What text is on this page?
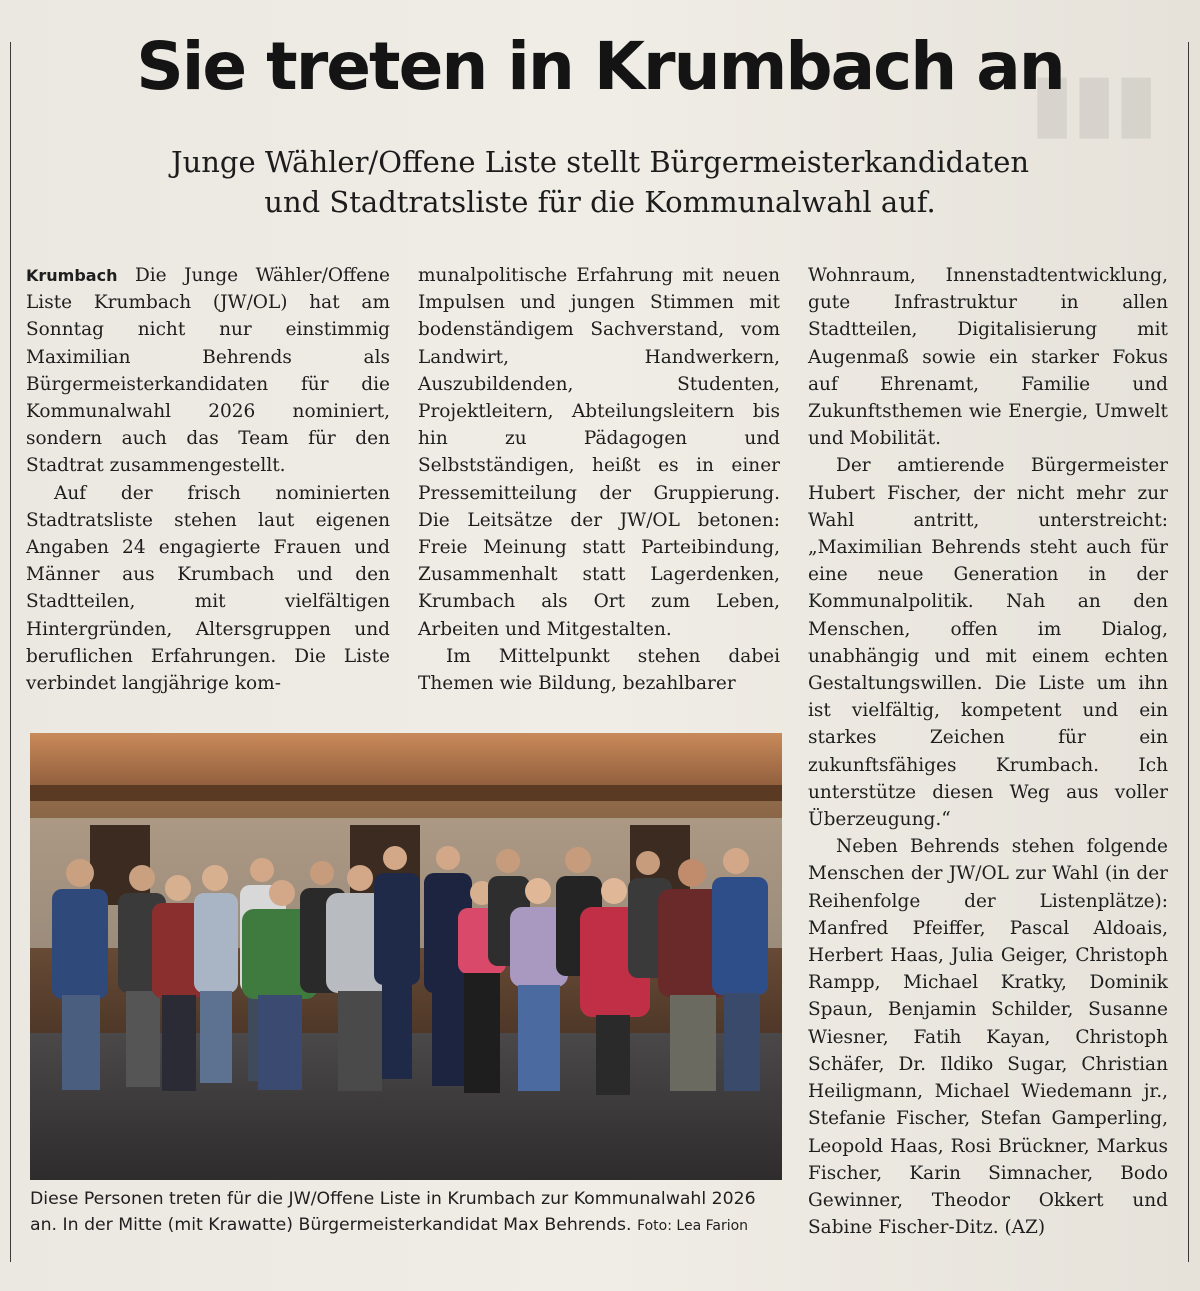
▮▮▮
Sie treten in Krumbach an
Junge Wähler/Offene Liste stellt Bürgermeisterkandidaten
und Stadtratsliste für die Kommunalwahl auf.

Krumbach Die Junge Wähler/Offene Liste Krumbach (JW/OL) hat am Sonntag nicht nur einstimmig Maximilian Behrends als Bürgermeisterkandidaten für die Kommunalwahl 2026 nominiert, sondern auch das Team für den Stadtrat zusammengestellt.

Auf der frisch nominierten Stadtratsliste stehen laut eigenen Angaben 24 engagierte Frauen und Männer aus Krumbach und den Stadtteilen, mit vielfältigen Hintergründen, Altersgruppen und beruflichen Erfahrungen. Die Liste verbindet langjährige kom-

munalpolitische Erfahrung mit neuen Impulsen und jungen Stimmen mit bodenständigem Sachverstand, vom Landwirt, Handwerkern, Auszubildenden, Studenten, Projektleitern, Abteilungsleitern bis hin zu Pädagogen und Selbstständigen, heißt es in einer Pressemitteilung der Gruppierung. Die Leitsätze der JW/OL betonen: Freie Meinung statt Parteibindung, Zusammenhalt statt Lagerdenken, Krumbach als Ort zum Leben, Arbeiten und Mitgestalten.

Im Mittelpunkt stehen dabei Themen wie Bildung, bezahlbarer

Wohnraum, Innenstadtentwicklung, gute Infrastruktur in allen Stadtteilen, Digitalisierung mit Augenmaß sowie ein starker Fokus auf Ehrenamt, Familie und Zukunftsthemen wie Energie, Umwelt und Mobilität.

Der amtierende Bürgermeister Hubert Fischer, der nicht mehr zur Wahl antritt, unterstreicht: „Maximilian Behrends steht auch für eine neue Generation in der Kommunalpolitik. Nah an den Menschen, offen im Dialog, unabhängig und mit einem echten Gestaltungswillen. Die Liste um ihn ist vielfältig, kompetent und ein starkes Zeichen für ein zukunftsfähiges Krumbach. Ich unterstütze diesen Weg aus voller Überzeugung.“

Neben Behrends stehen folgende Menschen der JW/OL zur Wahl (in der Reihenfolge der Listenplätze): Manfred Pfeiffer, Pascal Aldoais, Herbert Haas, Julia Geiger, Christoph Rampp, Michael Kratky, Dominik Spaun, Benjamin Schilder, Susanne Wiesner, Fatih Kayan, Christoph Schäfer, Dr. Ildiko Sugar, Christian Heiligmann, Michael Wiedemann jr., Stefanie Fischer, Stefan Gamperling, Leopold Haas, Rosi Brückner, Markus Fischer, Karin Simnacher, Bodo Gewinner, Theodor Okkert und Sabine Fischer-Ditz. (AZ)

Diese Personen treten für die JW/Offene Liste in Krumbach zur Kommunalwahl 2026 an. In der Mitte (mit Krawatte) Bürgermeisterkandidat Max Behrends. Foto: Lea Farion
